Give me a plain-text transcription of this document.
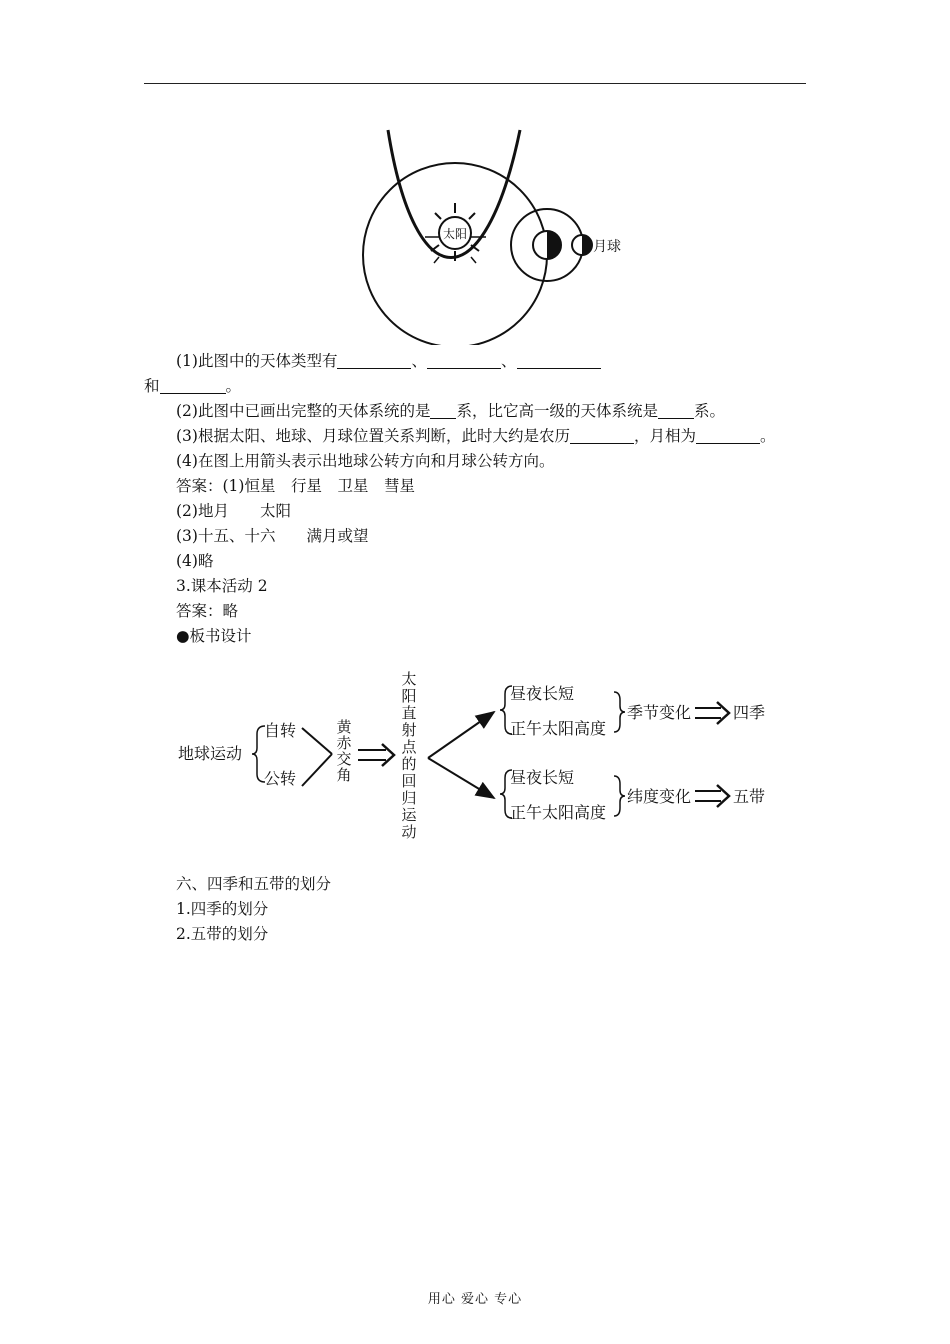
太阳
月球
(1)此图中的天体类型有	、	、
和	。
(2)此图中已画出完整的天体系统的是 系，比它高一级的天体系统是 系。
(3)根据太阳、地球、月球位置关系判断，此时大约是农历	，月相为	。
(4)在图上用箭头表示出地球公转方向和月球公转方向。
答案：(1)恒星　行星　卫星　彗星
(2)地月　　太阳
(3)十五、十六　　满月或望
(4)略
3.课本活动 2
答案：略
●板书设计
地球运动
自转
公转
黄
赤
交
角
太
阳
直
射
点
的
回
归
运
动
昼夜长短
正午太阳高度
季节变化	四季
昼夜长短
正午太阳高度
纬度变化	五带
六、四季和五带的划分
1.四季的划分
2.五带的划分
用心 爱心 专心
